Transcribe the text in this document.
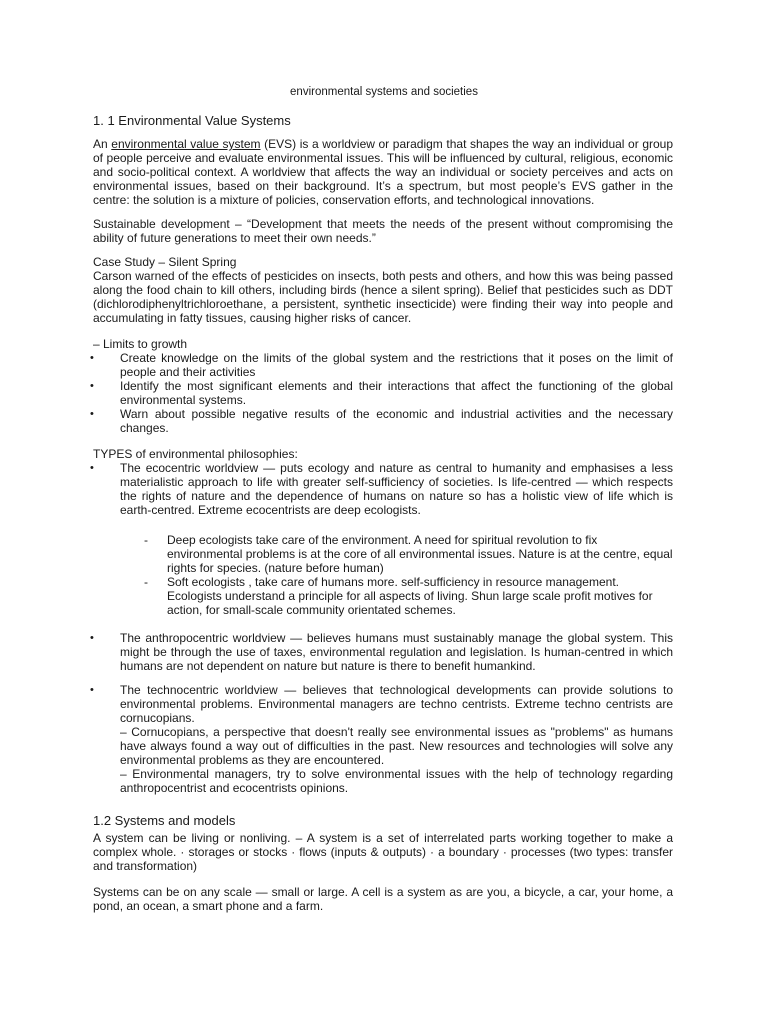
environmental systems and societies
1. 1 Environmental Value Systems

An environmental value system (EVS) is a worldview or paradigm that shapes the way an individual or group of people perceive and evaluate environmental issues. This will be influenced by cultural, religious, economic and socio-political context. A worldview that affects the way an individual or society perceives and acts on environmental issues, based on their background. It’s a spectrum, but most people’s EVS gather in the centre: the solution is a mixture of policies, conservation efforts, and technological innovations.

Sustainable development – “Development that meets the needs of the present without compromising the ability of future generations to meet their own needs.”

Case Study – Silent Spring

Carson warned of the effects of pesticides on insects, both pests and others, and how this was being passed along the food chain to kill others, including birds (hence a silent spring). Belief that pesticides such as DDT (dichlorodiphenyltrichloroethane, a persistent, synthetic insecticide) were finding their way into people and accumulating in fatty tissues, causing higher risks of cancer.

– Limits to growth
• Create knowledge on the limits of the global system and the restrictions that it poses on the limit of people and their activities
• Identify the most significant elements and their interactions that affect the functioning of the global environmental systems.
• Warn about possible negative results of the economic and industrial activities and the necessary changes.
TYPES of environmental philosophies:
• The ecocentric worldview — puts ecology and nature as central to humanity and emphasises a less materialistic approach to life with greater self-sufficiency of societies. Is life-centred — which respects the rights of nature and the dependence of humans on nature so has a holistic view of life which is earth-centred. Extreme ecocentrists are deep ecologists.
- Deep ecologists take care of the environment. A need for spiritual revolution to fix environmental problems is at the core of all environmental issues. Nature is at the centre, equal rights for species. (nature before human)
- Soft ecologists , take care of humans more. self-sufficiency in resource management. Ecologists understand a principle for all aspects of living. Shun large scale profit motives for action, for small-scale community orientated schemes.
• The anthropocentric worldview — believes humans must sustainably manage the global system. This might be through the use of taxes, environmental regulation and legislation. Is human-centred in which humans are not dependent on nature but nature is there to benefit humankind.
• The technocentric worldview — believes that technological developments can provide solutions to environmental problems. Environmental managers are techno centrists. Extreme techno centrists are cornucopians.
– Cornucopians, a perspective that doesn't really see environmental issues as "problems" as humans have always found a way out of difficulties in the past. New resources and technologies will solve any environmental problems as they are encountered.
– Environmental managers, try to solve environmental issues with the help of technology regarding anthropocentrist and ecocentrists opinions.
1.2 Systems and models

A system can be living or nonliving. – A system is a set of interrelated parts working together to make a complex whole. · storages or stocks · flows (inputs & outputs) · a boundary · processes (two types: transfer and transformation)

Systems can be on any scale — small or large. A cell is a system as are you, a bicycle, a car, your home, a pond, an ocean, a smart phone and a farm.
